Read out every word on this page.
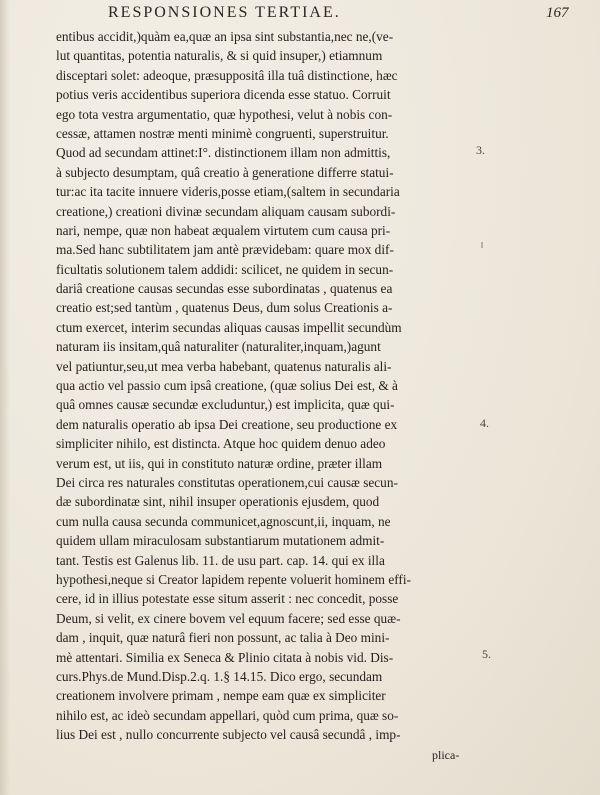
RESPONSIONES TERTIAE.	167
entibus accidit,)quàm ea,quæ an ipsa sint substantia,nec ne,(ve-
lut quantitas, potentia naturalis, & si quid insuper,) etiamnum
disceptari solet: adeoque, præsuppositâ illa tuâ distinctione, hæc
potius veris accidentibus superiora dicenda esse statuo. Corruit
ego tota vestra argumentatio, quæ hypothesi, velut à nobis con-
cessæ, attamen nostræ menti minimè congruenti, superstruitur.
Quod ad secundam attinet:I°. distinctionem illam non admittis,
à subjecto desumptam, quâ creatio à generatione differre statui-
tur:ac ita tacite innuere videris,posse etiam,(saltem in secundaria
creatione,) creationi divinæ secundam aliquam causam subordi-
nari, nempe, quæ non habeat æqualem virtutem cum causa pri-
ma.Sed hanc subtilitatem jam antè prævidebam: quare mox dif-
ficultatis solutionem talem addidi: scilicet, ne quidem in secun-
dariâ creatione causas secundas esse subordinatas , quatenus ea
creatio est;sed tantùm , quatenus Deus, dum solus Creationis a-
ctum exercet, interim secundas aliquas causas impellit secundùm
naturam iis insitam,quâ naturaliter (naturaliter,inquam,)agunt
vel patiuntur,seu,ut mea verba habebant, quatenus naturalis ali-
qua actio vel passio cum ipsâ creatione, (quæ solius Dei est, & à
quâ omnes causæ secundæ excluduntur,) est implicita, quæ qui-
dem naturalis operatio ab ipsa Dei creatione, seu productione ex
simpliciter nihilo, est distincta. Atque hoc quidem denuo adeo
verum est, ut iis, qui in constituto naturæ ordine, præter illam
Dei circa res naturales constitutas operationem,cui causæ secun-
dæ subordinatæ sint, nihil insuper operationis ejusdem, quod
cum nulla causa secunda communicet,agnoscunt,ii, inquam, ne
quidem ullam miraculosam substantiarum mutationem admit-
tant. Testis est Galenus lib. 11. de usu part. cap. 14. qui ex illa
hypothesi,neque si Creator lapidem repente voluerit hominem effi-
cere, id in illius potestate esse situm asserit : nec concedit, posse
Deum, si velit, ex cinere bovem vel equum facere; sed esse quæ-
dam , inquit, quæ naturâ fieri non possunt, ac talia à Deo mini-
mè attentari. Similia ex Seneca & Plinio citata à nobis vid. Dis-
curs.Phys.de Mund.Disp.2.q. 1.§ 14.15. Dico ergo, secundam
creationem involvere primam , nempe eam quæ ex simpliciter
nihilo est, ac ideò secundam appellari, quòd cum prima, quæ so-
lius Dei est , nullo concurrente subjecto vel causâ secundâ , imp-
plica-
3.
4.
5.
